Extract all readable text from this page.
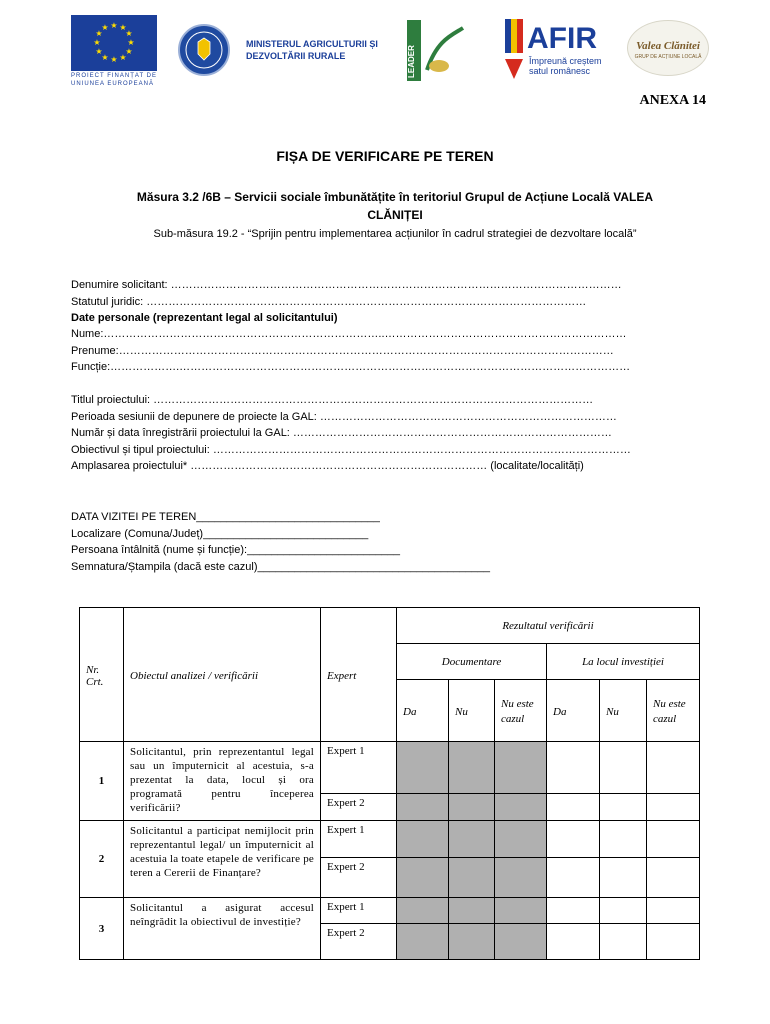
★ ★
★
★
★
★
★
★
★
★
★
★
PROIECT FINANȚAT DE UNIUNEA EUROPEANĂ
MINISTERUL AGRICULTURII ȘI DEZVOLTĂRII RURALE	LEADER
AFIR
Împreună creștem satul românesc
Valea Clănitei
GRUP DE ACȚIUNE LOCALĂ
ANEXA 14
FIȘA DE VERIFICARE PE TEREN
Măsura 3.2 /6B – Servicii sociale îmbunătățite în teritoriul Grupul de Acțiune Locală VALEA
CLĂNIȚEI
Sub-măsura 19.2 - “Sprijin pentru implementarea acțiunilor în cadrul strategiei de dezvoltare locală”
Denumire solicitant: ……………………………………………………………………………………………………………
Statutul juridic: …………………………………………………………………………………………………………
Date personale (reprezentant legal al solicitantului)
Nume:…………………………………………………………………..…………………………………………………………
Prenume:………………………………………………………………………………………………………………………
Funcție:……………….……………………………………………………………………………………………………………
Titlul proiectului: …………………………………………………………………………………………………………
Perioada sesiunii de depunere de proiecte la GAL: ………………………………………………………………………
Număr și data înregistrării proiectului la GAL: ……………………………………………………………………………
Obiectivul și tipul proiectului: ……………………………………………………………………………………………………
Amplasarea proiectului* ……………………………………………………………………… (localitate/localități)
DATA VIZITEI PE TEREN______________________________
Localizare (Comuna/Județ)___________________________
Persoana întâlnită (nume și funcție):_________________________
Semnatura/Ștampila (dacă este cazul)______________________________________
Nr. Crt.	Obiectul analizei / verificării	Expert	Rezultatul verificării					
			Documentare			La locul investiției		
			Da	Nu	Nu este cazul	Da	Nu	Nu este cazul
1	Solicitantul, prin reprezentantul legal sau un împuternicit al acestuia, s-a prezentat la data, locul și ora programată pentru începerea verificării?	Expert 1						
		Expert 2						
2	Solicitantul a participat nemijlocit prin reprezentantul legal/ un împuternicit al acestuia la toate etapele de verificare pe teren a Cererii de Finanțare?	Expert 1						
		Expert 2						
3	Solicitantul a asigurat accesul neîngrădit la obiectivul de investiție?	Expert 1						
		Expert 2						
